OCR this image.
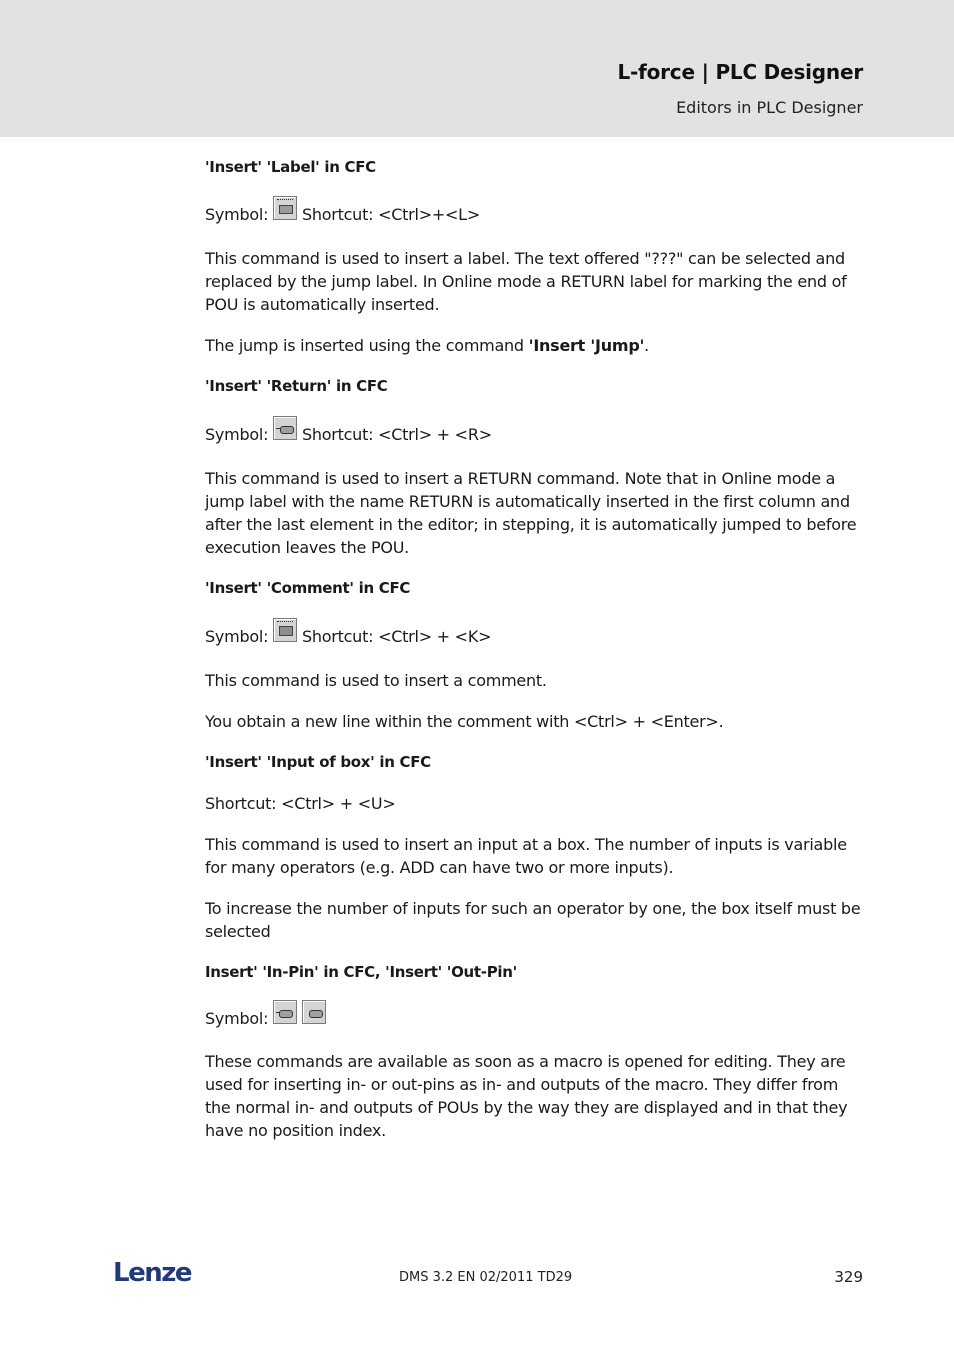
L-force | PLC Designer
Editors in PLC Designer
'Insert' 'Label' in CFC
Symbol: Shortcut: <Ctrl>+<L>
This command is used to insert a label. The text offered "???" can be selected and replaced by the jump label. In Online mode a RETURN label for marking the end of POU is automatically inserted.
The jump is inserted using the command 'Insert 'Jump'.
'Insert' 'Return' in CFC
Symbol: Shortcut: <Ctrl> + <R>
This command is used to insert a RETURN command. Note that in Online mode a jump label with the name RETURN is automatically inserted in the first column and after the last element in the editor; in stepping, it is automatically jumped to before execution leaves the POU.
'Insert' 'Comment' in CFC
Symbol: Shortcut: <Ctrl> + <K>
This command is used to insert a comment.
You obtain a new line within the comment with <Ctrl> + <Enter>.
'Insert' 'Input of box' in CFC
Shortcut: <Ctrl> + <U>
This command is used to insert an input at a box. The number of inputs is variable for many operators (e.g. ADD can have two or more inputs).
To increase the number of inputs for such an operator by one, the box itself must be selected
Insert' 'In-Pin' in CFC, 'Insert' 'Out-Pin'
Symbol:

These commands are available as soon as a macro is opened for editing. They are used for inserting in- or out-pins as in- and outputs of the macro. They differ from the normal in- and outputs of POUs by the way they are displayed and in that they have no position index.
Lenze	DMS 3.2 EN 02/2011 TD29	329
